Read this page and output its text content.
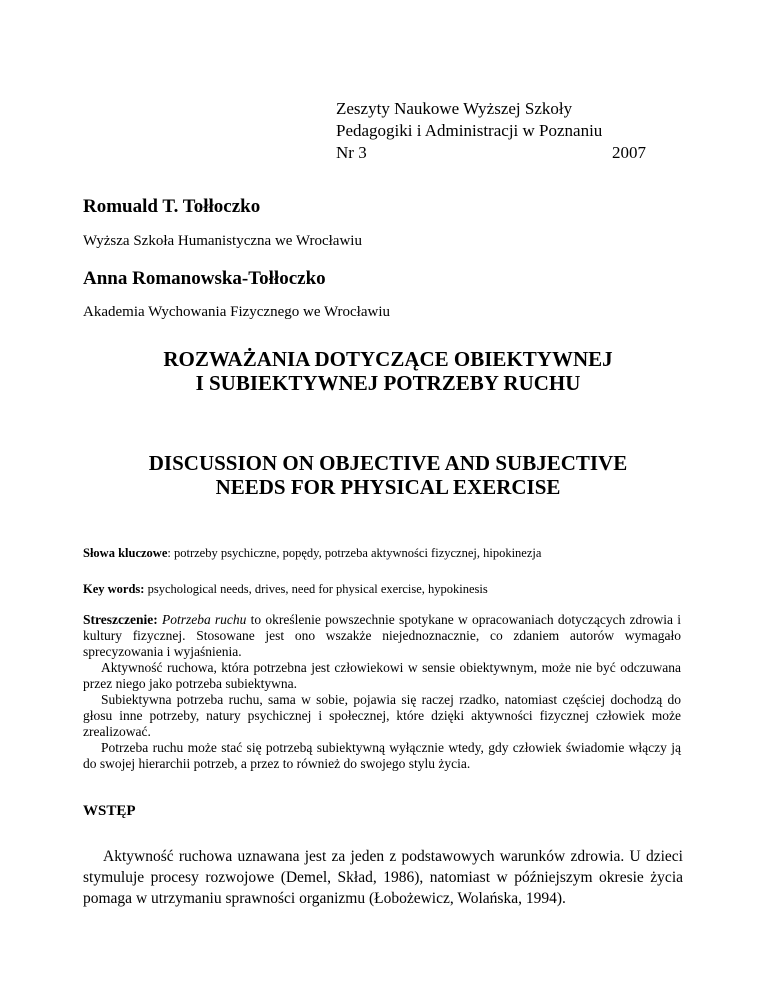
Zeszyty Naukowe Wyższej Szkoły
Pedagogiki i Administracji w Poznaniu
Nr 3	2007
Romuald T. Tołłoczko
Wyższa Szkoła Humanistyczna we Wrocławiu
Anna Romanowska-Tołłoczko
Akademia Wychowania Fizycznego we Wrocławiu
ROZWAŻANIA DOTYCZĄCE OBIEKTYWNEJ
I SUBIEKTYWNEJ POTRZEBY RUCHU
DISCUSSION ON OBJECTIVE AND SUBJECTIVE
NEEDS FOR PHYSICAL EXERCISE
Słowa kluczowe: potrzeby psychiczne, popędy, potrzeba aktywności fizycznej, hipokinezja
Key words: psychological needs, drives, need for physical exercise, hypokinesis

Streszczenie: Potrzeba ruchu to określenie powszechnie spotykane w opracowaniach dotyczących zdrowia i kultury fizycznej. Stosowane jest ono wszakże niejednoznacznie, co zdaniem autorów wymagało sprecyzowania i wyjaśnienia.

Aktywność ruchowa, która potrzebna jest człowiekowi w sensie obiektywnym, może nie być odczuwana przez niego jako potrzeba subiektywna.

Subiektywna potrzeba ruchu, sama w sobie, pojawia się raczej rzadko, natomiast częściej dochodzą do głosu inne potrzeby, natury psychicznej i społecznej, które dzięki aktywności fizycznej człowiek może zrealizować.

Potrzeba ruchu może stać się potrzebą subiektywną wyłącznie wtedy, gdy człowiek świadomie włączy ją do swojej hierarchii potrzeb, a przez to również do swojego stylu życia.

WSTĘP

Aktywność ruchowa uznawana jest za jeden z podstawowych warunków zdrowia. U dzieci stymuluje procesy rozwojowe (Demel, Skład, 1986), natomiast w późniejszym okresie życia pomaga w utrzymaniu sprawności organizmu (Łobożewicz, Wolańska, 1994).
